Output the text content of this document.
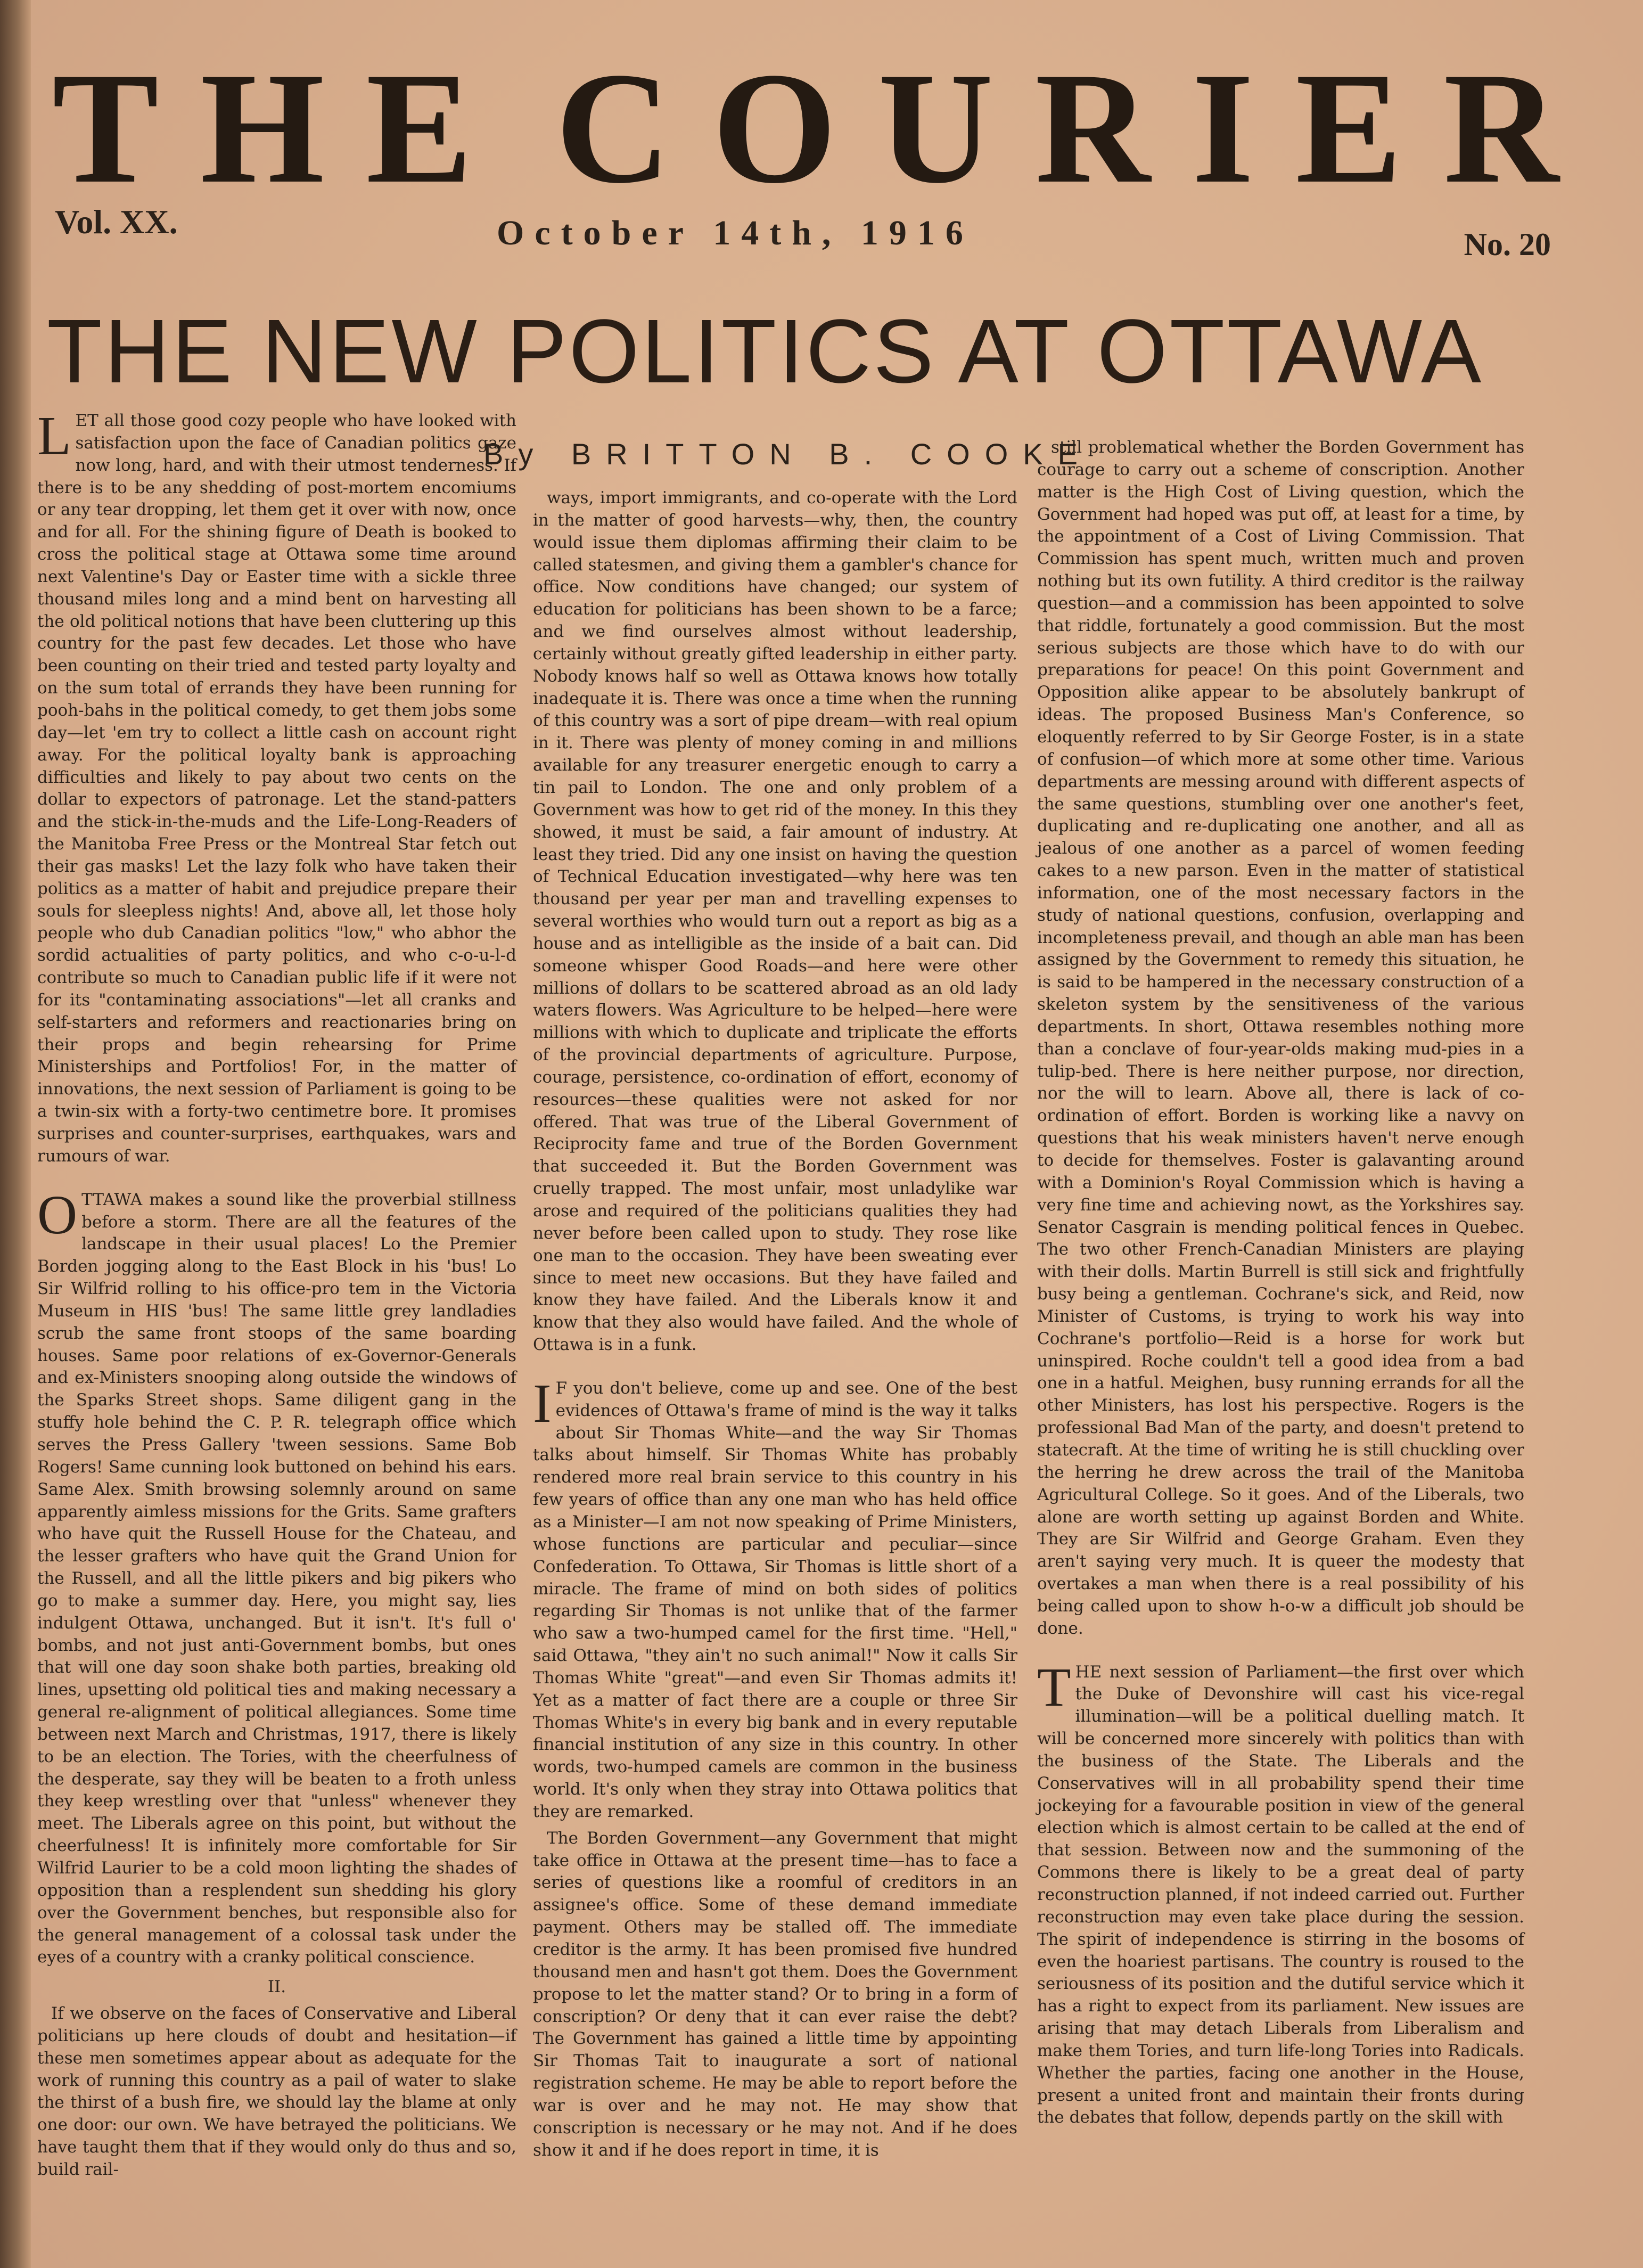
T H E C O U R I E R
Vol. XX.	October 14th, 1916	No. 20
THE NEW POLITICS AT OTTAWA
By BRITTON B. COOKE

LET all those good cozy people who have looked with satisfaction upon the face of Canadian politics gaze now long, hard, and with their utmost tenderness. If there is to be any shedding of post-mortem encomiums or any tear dropping, let them get it over with now, once and for all. For the shining figure of Death is booked to cross the political stage at Ottawa some time around next Valentine's Day or Easter time with a sickle three thousand miles long and a mind bent on harvesting all the old political notions that have been cluttering up this country for the past few decades. Let those who have been counting on their tried and tested party loyalty and on the sum total of errands they have been running for pooh-bahs in the political comedy, to get them jobs some day—let 'em try to collect a little cash on account right away. For the political loyalty bank is approaching difficulties and likely to pay about two cents on the dollar to expectors of patronage. Let the stand-patters and the stick-in-the-muds and the Life-Long-Readers of the Manitoba Free Press or the Montreal Star fetch out their gas masks! Let the lazy folk who have taken their politics as a matter of habit and prejudice prepare their souls for sleepless nights! And, above all, let those holy people who dub Canadian politics "low," who abhor the sordid actualities of party politics, and who c-o-u-l-d contribute so much to Canadian public life if it were not for its "contaminating associations"—let all cranks and self-starters and reformers and reactionaries bring on their props and begin rehearsing for Prime Ministerships and Portfolios! For, in the matter of innovations, the next session of Parliament is going to be a twin-six with a forty-two centimetre bore. It promises surprises and counter-surprises, earthquakes, wars and rumours of war.

OTTAWA makes a sound like the proverbial stillness before a storm. There are all the features of the landscape in their usual places! Lo the Premier Borden jogging along to the East Block in his 'bus! Lo Sir Wilfrid rolling to his office-pro tem in the Victoria Museum in HIS 'bus! The same little grey landladies scrub the same front stoops of the same boarding houses. Same poor relations of ex-Governor-Generals and ex-Ministers snooping along outside the windows of the Sparks Street shops. Same diligent gang in the stuffy hole behind the C. P. R. telegraph office which serves the Press Gallery 'tween sessions. Same Bob Rogers! Same cunning look buttoned on behind his ears. Same Alex. Smith browsing solemnly around on same apparently aimless missions for the Grits. Same grafters who have quit the Russell House for the Chateau, and the lesser grafters who have quit the Grand Union for the Russell, and all the little pikers and big pikers who go to make a summer day. Here, you might say, lies indulgent Ottawa, unchanged. But it isn't. It's full o' bombs, and not just anti-Government bombs, but ones that will one day soon shake both parties, breaking old lines, upsetting old political ties and making necessary a general re-alignment of political allegiances. Some time between next March and Christmas, 1917, there is likely to be an election. The Tories, with the cheerfulness of the desperate, say they will be beaten to a froth unless they keep wrestling over that "unless" whenever they meet. The Liberals agree on this point, but without the cheerfulness! It is infinitely more comfortable for Sir Wilfrid Laurier to be a cold moon lighting the shades of opposition than a resplendent sun shedding his glory over the Government benches, but responsible also for the general management of a colossal task under the eyes of a country with a cranky political conscience.

II.

If we observe on the faces of Conservative and Liberal politicians up here clouds of doubt and hesitation—if these men sometimes appear about as adequate for the work of running this country as a pail of water to slake the thirst of a bush fire, we should lay the blame at only one door: our own. We have betrayed the politicians. We have taught them that if they would only do thus and so, build rail-

ways, import immigrants, and co-operate with the Lord in the matter of good harvests—why, then, the country would issue them diplomas affirming their claim to be called statesmen, and giving them a gambler's chance for office. Now conditions have changed; our system of education for politicians has been shown to be a farce; and we find ourselves almost without leadership, certainly without greatly gifted leadership in either party. Nobody knows half so well as Ottawa knows how totally inadequate it is. There was once a time when the running of this country was a sort of pipe dream—with real opium in it. There was plenty of money coming in and millions available for any treasurer energetic enough to carry a tin pail to London. The one and only problem of a Government was how to get rid of the money. In this they showed, it must be said, a fair amount of industry. At least they tried. Did any one insist on having the question of Technical Education investigated—why here was ten thousand per year per man and travelling expenses to several worthies who would turn out a report as big as a house and as intelligible as the inside of a bait can. Did someone whisper Good Roads—and here were other millions of dollars to be scattered abroad as an old lady waters flowers. Was Agriculture to be helped—here were millions with which to duplicate and triplicate the efforts of the provincial departments of agriculture. Purpose, courage, persistence, co-ordination of effort, economy of resources—these qualities were not asked for nor offered. That was true of the Liberal Government of Reciprocity fame and true of the Borden Government that succeeded it. But the Borden Government was cruelly trapped. The most unfair, most unladylike war arose and required of the politicians qualities they had never before been called upon to study. They rose like one man to the occasion. They have been sweating ever since to meet new occasions. But they have failed and know they have failed. And the Liberals know it and know that they also would have failed. And the whole of Ottawa is in a funk.

I F you don't believe, come up and see. One of the best evidences of Ottawa's frame of mind is the way it talks about Sir Thomas White—and the way Sir Thomas talks about himself. Sir Thomas White has probably rendered more real brain service to this country in his few years of office than any one man who has held office as a Minister—I am not now speaking of Prime Ministers, whose functions are particular and peculiar—since Confederation. To Ottawa, Sir Thomas is little short of a miracle. The frame of mind on both sides of politics regarding Sir Thomas is not unlike that of the farmer who saw a two-humped camel for the first time. "Hell," said Ottawa, "they ain't no such animal!" Now it calls Sir Thomas White "great"—and even Sir Thomas admits it! Yet as a matter of fact there are a couple or three Sir Thomas White's in every big bank and in every reputable financial institution of any size in this country. In other words, two-humped camels are common in the business world. It's only when they stray into Ottawa politics that they are remarked.

The Borden Government—any Government that might take office in Ottawa at the present time—has to face a series of questions like a roomful of creditors in an assignee's office. Some of these demand immediate payment. Others may be stalled off. The immediate creditor is the army. It has been promised five hundred thousand men and hasn't got them. Does the Government propose to let the matter stand? Or to bring in a form of conscription? Or deny that it can ever raise the debt? The Government has gained a little time by appointing Sir Thomas Tait to inaugurate a sort of national registration scheme. He may be able to report before the war is over and he may not. He may show that conscription is necessary or he may not. And if he does show it and if he does report in time, it is

still problematical whether the Borden Government has courage to carry out a scheme of conscription. Another matter is the High Cost of Living question, which the Government had hoped was put off, at least for a time, by the appointment of a Cost of Living Commission. That Commission has spent much, written much and proven nothing but its own futility. A third creditor is the railway question—and a commission has been appointed to solve that riddle, fortunately a good commission. But the most serious subjects are those which have to do with our preparations for peace! On this point Government and Opposition alike appear to be absolutely bankrupt of ideas. The proposed Business Man's Conference, so eloquently referred to by Sir George Foster, is in a state of confusion—of which more at some other time. Various departments are messing around with different aspects of the same questions, stumbling over one another's feet, duplicating and re-duplicating one another, and all as jealous of one another as a parcel of women feeding cakes to a new parson. Even in the matter of statistical information, one of the most necessary factors in the study of national questions, confusion, overlapping and incompleteness prevail, and though an able man has been assigned by the Government to remedy this situation, he is said to be hampered in the necessary construction of a skeleton system by the sensitiveness of the various departments. In short, Ottawa resembles nothing more than a conclave of four-year-olds making mud-pies in a tulip-bed. There is here neither purpose, nor direction, nor the will to learn. Above all, there is lack of co-ordination of effort. Borden is working like a navvy on questions that his weak ministers haven't nerve enough to decide for themselves. Foster is galavanting around with a Dominion's Royal Commission which is having a very fine time and achieving nowt, as the Yorkshires say. Senator Casgrain is mending political fences in Quebec. The two other French-Canadian Ministers are playing with their dolls. Martin Burrell is still sick and frightfully busy being a gentleman. Cochrane's sick, and Reid, now Minister of Customs, is trying to work his way into Cochrane's portfolio—Reid is a horse for work but uninspired. Roche couldn't tell a good idea from a bad one in a hatful. Meighen, busy running errands for all the other Ministers, has lost his perspective. Rogers is the professional Bad Man of the party, and doesn't pretend to statecraft. At the time of writing he is still chuckling over the herring he drew across the trail of the Manitoba Agricultural College. So it goes. And of the Liberals, two alone are worth setting up against Borden and White. They are Sir Wilfrid and George Graham. Even they aren't saying very much. It is queer the modesty that overtakes a man when there is a real possibility of his being called upon to show h-o-w a difficult job should be done.

THE next session of Parliament—the first over which the Duke of Devonshire will cast his vice-regal illumination—will be a political duelling match. It will be concerned more sincerely with politics than with the business of the State. The Liberals and the Conservatives will in all probability spend their time jockeying for a favourable position in view of the general election which is almost certain to be called at the end of that session. Between now and the summoning of the Commons there is likely to be a great deal of party reconstruction planned, if not indeed carried out. Further reconstruction may even take place during the session. The spirit of independence is stirring in the bosoms of even the hoariest partisans. The country is roused to the seriousness of its position and the dutiful service which it has a right to expect from its parliament. New issues are arising that may detach Liberals from Liberalism and make them Tories, and turn life-long Tories into Radicals. Whether the parties, facing one another in the House, present a united front and maintain their fronts during the debates that follow, depends partly on the skill with
